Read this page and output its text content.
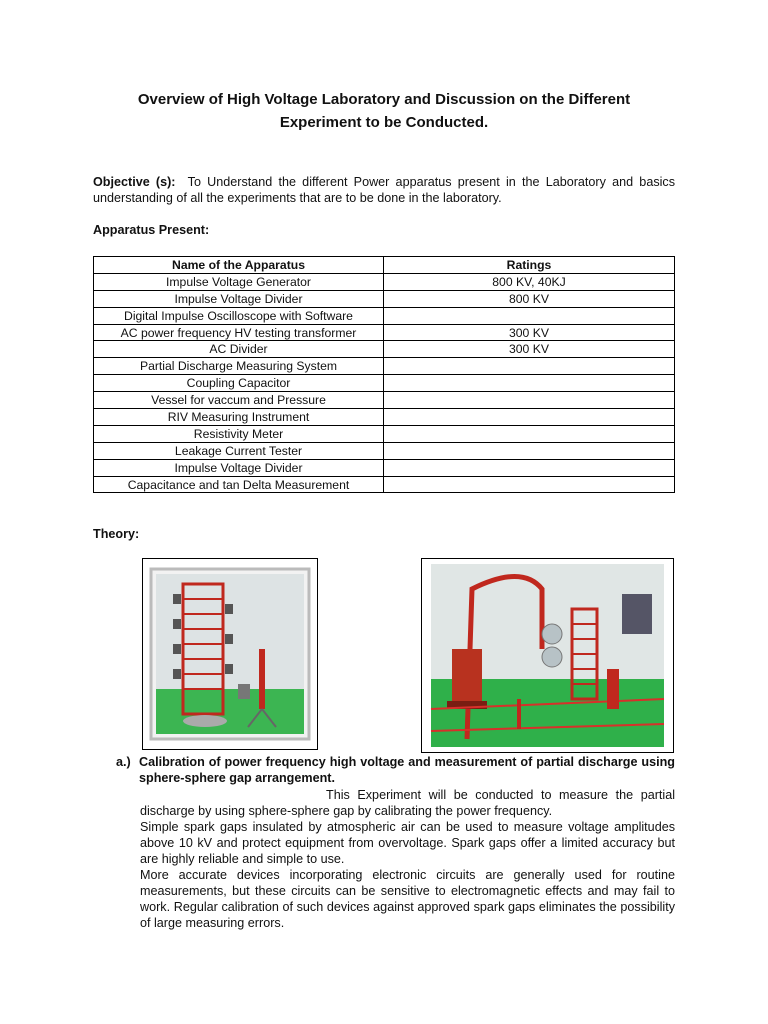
Overview of High Voltage Laboratory and Discussion on the Different
Experiment to be Conducted.
Objective (s): To Understand the different Power apparatus present in the Laboratory and basics understanding of all the experiments that are to be done in the laboratory.
Apparatus Present:
Name of the Apparatus	Ratings
Impulse Voltage Generator	800 KV, 40KJ
Impulse Voltage Divider	800 KV
Digital Impulse Oscilloscope with Software	
AC power frequency HV testing transformer	300 KV
AC Divider	300 KV
Partial Discharge Measuring System	
Coupling Capacitor	
Vessel for vaccum and Pressure	
RIV Measuring Instrument	
Resistivity Meter	
Leakage Current Tester	
Impulse Voltage Divider	
Capacitance and tan Delta Measurement	
Theory:
a.) Calibration of power frequency high voltage and measurement of partial discharge using sphere-sphere gap arrangement.

This Experiment will be conducted to measure the partial discharge by using sphere-sphere gap by calibrating the power frequency.

Simple spark gaps insulated by atmospheric air can be used to measure voltage amplitudes above 10 kV and protect equipment from overvoltage. Spark gaps offer a limited accuracy but are highly reliable and simple to use.

More accurate devices incorporating electronic circuits are generally used for routine measurements, but these circuits can be sensitive to electromagnetic effects and may fail to work. Regular calibration of such devices against approved spark gaps eliminates the possibility of large measuring errors.
